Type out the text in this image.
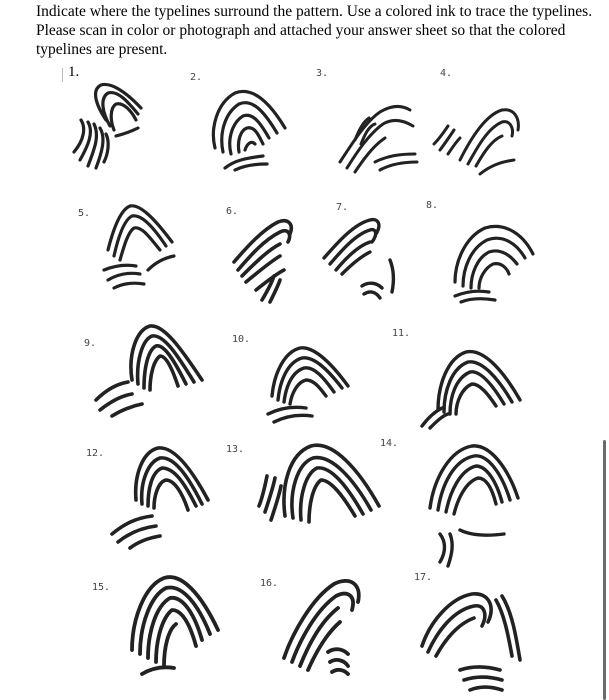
Indicate where the typelines surround the pattern. Use a colored ink to trace the typelines. Please scan in color or photograph and attached your answer sheet so that the colored typelines are present.
1.	2.	3.	4.
5.	6.	7.	8.
9.	10.
11.
12.	13.
14.
15.	16.
17.
